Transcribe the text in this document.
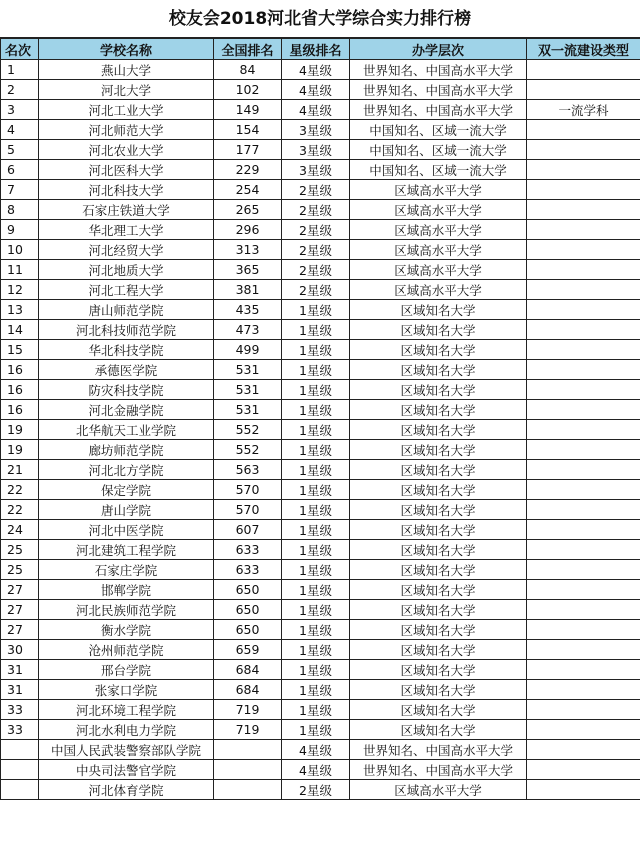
校友会2018河北省大学综合实力排行榜
名次	学校名称	全国排名	星级排名	办学层次	双一流建设类型
1	燕山大学	84	4星级	世界知名、中国高水平大学	
2	河北大学	102	4星级	世界知名、中国高水平大学	
3	河北工业大学	149	4星级	世界知名、中国高水平大学	一流学科
4	河北师范大学	154	3星级	中国知名、区域一流大学	
5	河北农业大学	177	3星级	中国知名、区域一流大学	
6	河北医科大学	229	3星级	中国知名、区域一流大学	
7	河北科技大学	254	2星级	区域高水平大学	
8	石家庄铁道大学	265	2星级	区域高水平大学	
9	华北理工大学	296	2星级	区域高水平大学	
10	河北经贸大学	313	2星级	区域高水平大学	
11	河北地质大学	365	2星级	区域高水平大学	
12	河北工程大学	381	2星级	区域高水平大学	
13	唐山师范学院	435	1星级	区域知名大学	
14	河北科技师范学院	473	1星级	区域知名大学	
15	华北科技学院	499	1星级	区域知名大学	
16	承德医学院	531	1星级	区域知名大学	
16	防灾科技学院	531	1星级	区域知名大学	
16	河北金融学院	531	1星级	区域知名大学	
19	北华航天工业学院	552	1星级	区域知名大学	
19	廊坊师范学院	552	1星级	区域知名大学	
21	河北北方学院	563	1星级	区域知名大学	
22	保定学院	570	1星级	区域知名大学	
22	唐山学院	570	1星级	区域知名大学	
24	河北中医学院	607	1星级	区域知名大学	
25	河北建筑工程学院	633	1星级	区域知名大学	
25	石家庄学院	633	1星级	区域知名大学	
27	邯郸学院	650	1星级	区域知名大学	
27	河北民族师范学院	650	1星级	区域知名大学	
27	衡水学院	650	1星级	区域知名大学	
30	沧州师范学院	659	1星级	区域知名大学	
31	邢台学院	684	1星级	区域知名大学	
31	张家口学院	684	1星级	区域知名大学	
33	河北环境工程学院	719	1星级	区域知名大学	
33	河北水利电力学院	719	1星级	区域知名大学	
	中国人民武装警察部队学院		4星级	世界知名、中国高水平大学	
	中央司法警官学院		4星级	世界知名、中国高水平大学	
	河北体育学院		2星级	区域高水平大学	
